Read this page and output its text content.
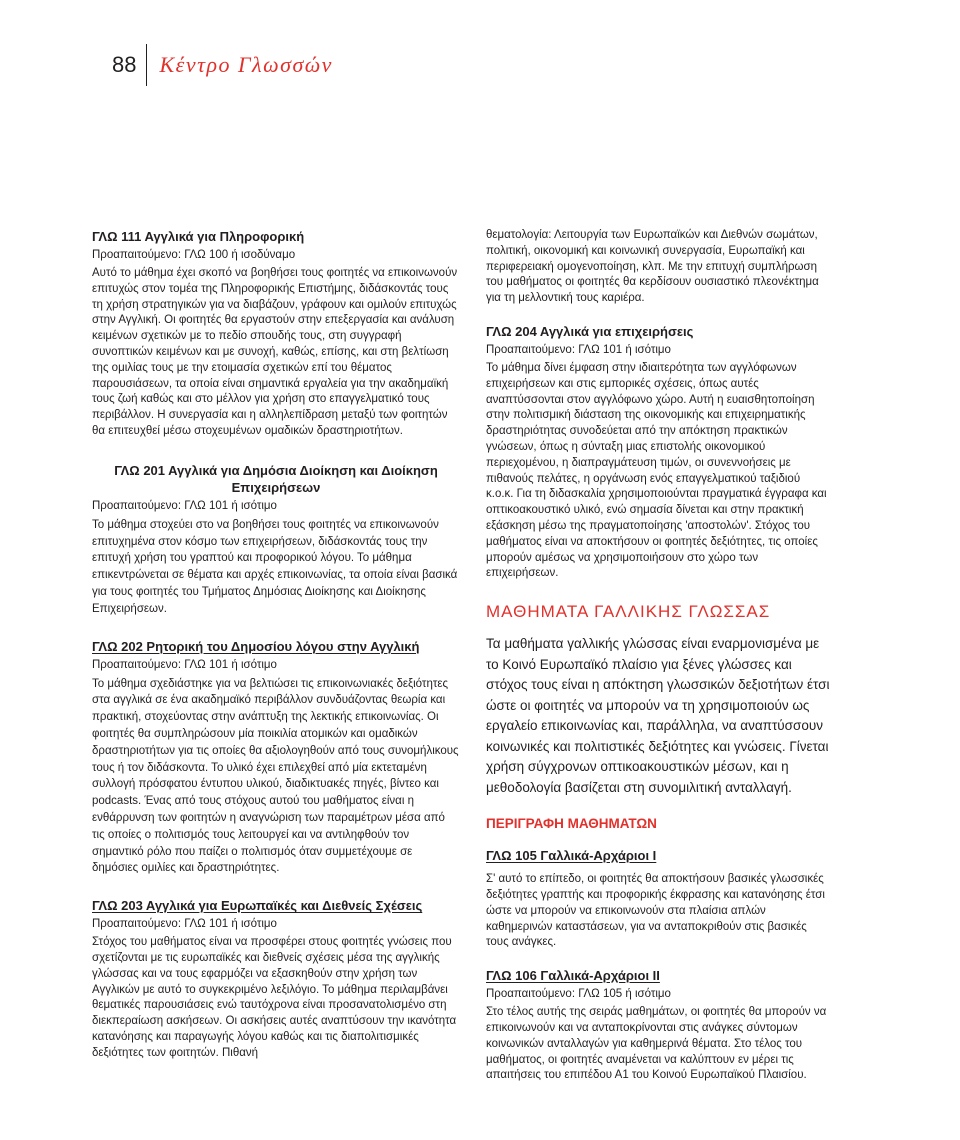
88	Κέντρο Γλωσσών

ΓΛΩ 111 Αγγλικά για Πληροφορική

Προαπαιτούμενο: ΓΛΩ 100 ή ισοδύναμο

Αυτό το μάθημα έχει σκοπό να βοηθήσει τους φοιτητές να επικοινωνούν επιτυχώς στον τομέα της Πληροφορικής Επιστήμης, διδάσκοντάς τους τη χρήση στρατηγικών για να διαβάζουν, γράφουν και ομιλούν επιτυχώς στην Αγγλική. Οι φοιτητές θα εργαστούν στην επεξεργασία και ανάλυση κειμένων σχετικών με το πεδίο σπουδής τους, στη συγγραφή συνοπτικών κειμένων και με συνοχή, καθώς, επίσης, και στη βελτίωση της ομιλίας τους με την ετοιμασία σχετικών επί του θέματος παρουσιάσεων, τα οποία είναι σημαντικά εργαλεία για την ακαδημαϊκή τους ζωή καθώς και στο μέλλον για χρήση στο επαγγελματικό τους περιβάλλον. Η συνεργασία και η αλληλεπίδραση μεταξύ των φοιτητών θα επιτευχθεί μέσω στοχευμένων ομαδικών δραστηριοτήτων.

ΓΛΩ 201 Αγγλικά για Δημόσια Διοίκηση και Διοίκηση Επιχειρήσεων

Προαπαιτούμενο: ΓΛΩ 101 ή ισότιμο

Το μάθημα στοχεύει στο να βοηθήσει τους φοιτητές να επικοινωνούν επιτυχημένα στον κόσμο των επιχειρήσεων, διδάσκοντάς τους την επιτυχή χρήση του γραπτού και προφορικού λόγου. Το μάθημα επικεντρώνεται σε θέματα και αρχές επικοινωνίας, τα οποία είναι βασικά για τους φοιτητές του Τμήματος Δημόσιας Διοίκησης και Διοίκησης Επιχειρήσεων.

ΓΛΩ 202 Ρητορική του Δημοσίου λόγου στην Αγγλική

Προαπαιτούμενο: ΓΛΩ 101 ή ισότιμο

Το μάθημα σχεδιάστηκε για να βελτιώσει τις επικοινωνιακές δεξιότητες στα αγγλικά σε ένα ακαδημαϊκό περιβάλλον συνδυάζοντας θεωρία και πρακτική, στοχεύοντας στην ανάπτυξη της λεκτικής επικοινωνίας. Οι φοιτητές θα συμπληρώσουν μία ποικιλία ατομικών και ομαδικών δραστηριοτήτων για τις οποίες θα αξιολογηθούν από τους συνομήλικους τους ή τον διδάσκοντα. Το υλικό έχει επιλεχθεί από μία εκτεταμένη συλλογή πρόσφατου έντυπου υλικού, διαδικτυακές πηγές, βίντεο και podcasts. Ένας από τους στόχους αυτού του μαθήματος είναι η ενθάρρυνση των φοιτητών η αναγνώριση των παραμέτρων μέσα από τις οποίες ο πολιτισμός τους λειτουργεί και να αντιληφθούν τον σημαντικό ρόλο που παίζει ο πολιτισμός όταν συμμετέχουμε σε δημόσιες ομιλίες και δραστηριότητες.

ΓΛΩ 203 Αγγλικά για Ευρωπαϊκές και Διεθνείς Σχέσεις

Προαπαιτούμενο: ΓΛΩ 101 ή ισότιμο

Στόχος του μαθήματος είναι να προσφέρει στους φοιτητές γνώσεις που σχετίζονται με τις ευρωπαϊκές και διεθνείς σχέσεις μέσα της αγγλικής γλώσσας και να τους εφαρμόζει να εξασκηθούν στην χρήση των Αγγλικών με αυτό το συγκεκριμένο λεξιλόγιο. Το μάθημα περιλαμβάνει θεματικές παρουσιάσεις ενώ ταυτόχρονα είναι προσανατολισμένο στη διεκπεραίωση ασκήσεων. Οι ασκήσεις αυτές αναπτύσουν την ικανότητα κατανόησης και παραγωγής λόγου καθώς και τις διαπολιτισμικές δεξιότητες των φοιτητών. Πιθανή

θεματολογία: Λειτουργία των Ευρωπαϊκών και Διεθνών σωμάτων, πολιτική, οικονομική και κοινωνική συνεργασία, Ευρωπαϊκή και περιφερειακή ομογενοποίηση, κλπ. Με την επιτυχή συμπλήρωση του μαθήματος οι φοιτητές θα κερδίσουν ουσιαστικό πλεονέκτημα για τη μελλοντική τους καριέρα.

ΓΛΩ 204 Αγγλικά για επιχειρήσεις

Προαπαιτούμενο: ΓΛΩ 101 ή ισότιμο

Το μάθημα δίνει έμφαση στην ιδιαιτερότητα των αγγλόφωνων επιχειρήσεων και στις εμπορικές σχέσεις, όπως αυτές αναπτύσσονται στον αγγλόφωνο χώρο. Αυτή η ευαισθητοποίηση στην πολιτισμική διάσταση της οικονομικής και επιχειρηματικής δραστηριότητας συνοδεύεται από την απόκτηση πρακτικών γνώσεων, όπως η σύνταξη μιας επιστολής οικονομικού περιεχομένου, η διαπραγμάτευση τιμών, οι συνεννοήσεις με πιθανούς πελάτες, η οργάνωση ενός επαγγελματικού ταξιδιού κ.ο.κ. Για τη διδασκαλία χρησιμοποιούνται πραγματικά έγγραφα και οπτικοακουστικό υλικό, ενώ σημασία δίνεται και στην πρακτική εξάσκηση μέσω της πραγματοποίησης 'αποστολών'. Στόχος του μαθήματος είναι να αποκτήσουν οι φοιτητές δεξιότητες, τις οποίες μπορούν αμέσως να χρησιμοποιήσουν στο χώρο των επιχειρήσεων.

ΜΑΘΗΜΑΤΑ ΓΑΛΛΙΚΗΣ ΓΛΩΣΣΑΣ

Τα μαθήματα γαλλικής γλώσσας είναι εναρμονισμένα με το Κοινό Ευρωπαϊκό πλαίσιο για ξένες γλώσσες και στόχος τους είναι η απόκτηση γλωσσικών δεξιοτήτων έτσι ώστε οι φοιτητές να μπορούν να τη χρησιμοποιούν ως εργαλείο επικοινωνίας και, παράλληλα, να αναπτύσσουν κοινωνικές και πολιτιστικές δεξιότητες και γνώσεις. Γίνεται χρήση σύγχρονων οπτικοακουστικών μέσων, και η μεθοδολογία βασίζεται στη συνομιλιτική ανταλλαγή.

ΠΕΡΙΓΡΑΦΗ ΜΑΘΗΜΑΤΩΝ

ΓΛΩ 105 Γαλλικά-Αρχάριοι Ι

Σ' αυτό το επίπεδο, οι φοιτητές θα αποκτήσουν βασικές γλωσσικές δεξιότητες γραπτής και προφορικής έκφρασης και κατανόησης έτσι ώστε να μπορούν να επικοινωνούν στα πλαίσια απλών καθημερινών καταστάσεων, για να ανταποκριθούν στις βασικές τους ανάγκες.

ΓΛΩ 106 Γαλλικά-Αρχάριοι ΙΙ

Προαπαιτούμενο: ΓΛΩ 105 ή ισότιμο

Στο τέλος αυτής της σειράς μαθημάτων, οι φοιτητές θα μπορούν να επικοινωνούν και να ανταποκρίνονται στις ανάγκες σύντομων κοινωνικών ανταλλαγών για καθημερινά θέματα. Στο τέλος του μαθήματος, οι φοιτητές αναμένεται να καλύπτουν εν μέρει τις απαιτήσεις του επιπέδου Α1 του Κοινού Ευρωπαϊκού Πλαισίου.
